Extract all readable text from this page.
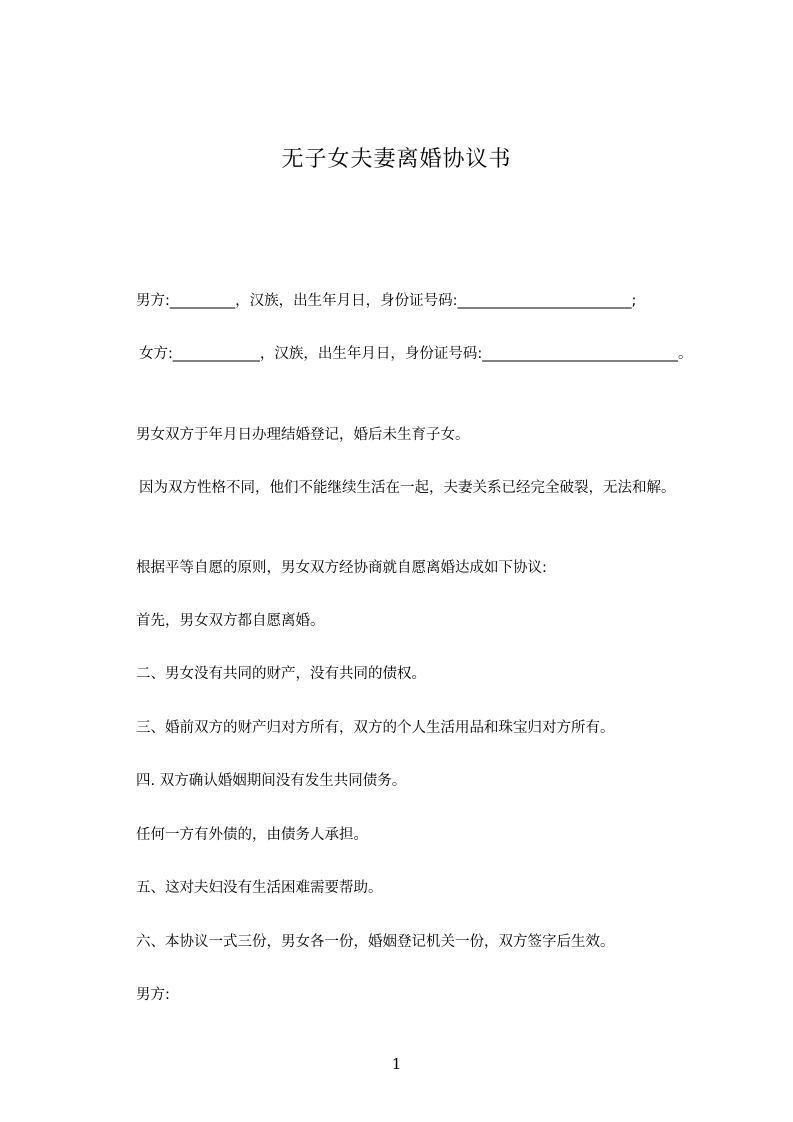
无子女夫妻离婚协议书

男方:_________，汉族，出生年月日，身份证号码:________________________;

女方:____________，汉族，出生年月日，身份证号码:___________________________。

男女双方于年月日办理结婚登记，婚后未生育子女。

因为双方性格不同，他们不能继续生活在一起，夫妻关系已经完全破裂，无法和解。

根据平等自愿的原则，男女双方经协商就自愿离婚达成如下协议:

首先，男女双方都自愿离婚。

二、男女没有共同的财产，没有共同的债权。

三、婚前双方的财产归对方所有，双方的个人生活用品和珠宝归对方所有。

四. 双方确认婚姻期间没有发生共同债务。

任何一方有外债的，由债务人承担。

五、这对夫妇没有生活困难需要帮助。

六、本协议一式三份，男女各一份，婚姻登记机关一份，双方签字后生效。

男方:

1
